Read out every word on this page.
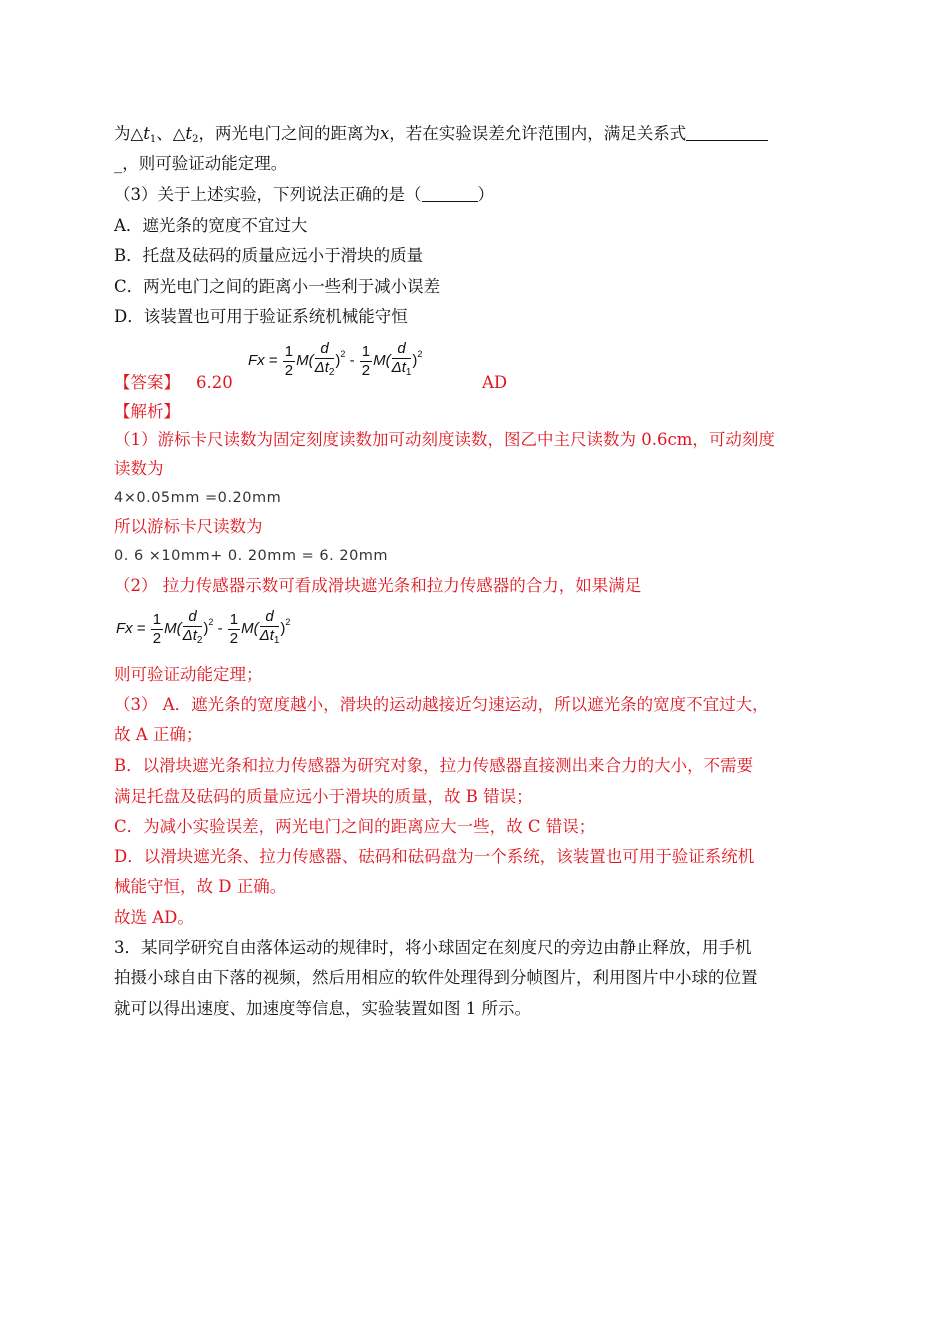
为$\triangle t_1$、$\triangle t_2$，两光电门之间的距离为x，若在实验误差允许范围内，满足关系式
_，则可验证动能定理。
（3）关于上述实验，下列说法正确的是（	）
A．遮光条的宽度不宜过大
B．托盘及砝码的质量应远小于滑块的质量
C．两光电门之间的距离小一些利于减小误差
D．该装置也可用于验证系统机械能守恒
【答案】 6.20
$Fx = \frac{1}{2} M( \frac{d}{\Delta t_2} )^2 - \frac{1}{2} M( \frac{d}{\Delta t_1} )^2$
AD
【解析】
（1）游标卡尺读数为固定刻度读数加可动刻度读数，图乙中主尺读数为 0.6cm，可动刻度
读数为
4×0.05mm =0.20mm
所以游标卡尺读数为
0. 6 ×10mm+ 0. 20mm = 6. 20mm
（2） 拉力传感器示数可看成滑块遮光条和拉力传感器的合力，如果满足
$Fx = \frac{1}{2} M( \frac{d}{\Delta t_2} )^2 - \frac{1}{2} M( \frac{d}{\Delta t_1} )^2$
则可验证动能定理；
（3） A．遮光条的宽度越小，滑块的运动越接近匀速运动，所以遮光条的宽度不宜过大，
故 A 正确；
B．以滑块遮光条和拉力传感器为研究对象，拉力传感器直接测出来合力的大小，不需要
满足托盘及砝码的质量应远小于滑块的质量，故 B 错误；
C．为减小实验误差，两光电门之间的距离应大一些，故 C 错误；
D．以滑块遮光条、拉力传感器、砝码和砝码盘为一个系统，该装置也可用于验证系统机
械能守恒，故 D 正确。
故选 AD。
3．某同学研究自由落体运动的规律时，将小球固定在刻度尺的旁边由静止释放，用手机
拍摄小球自由下落的视频，然后用相应的软件处理得到分帧图片，利用图片中小球的位置
就可以得出速度、加速度等信息，实验装置如图 1 所示。
